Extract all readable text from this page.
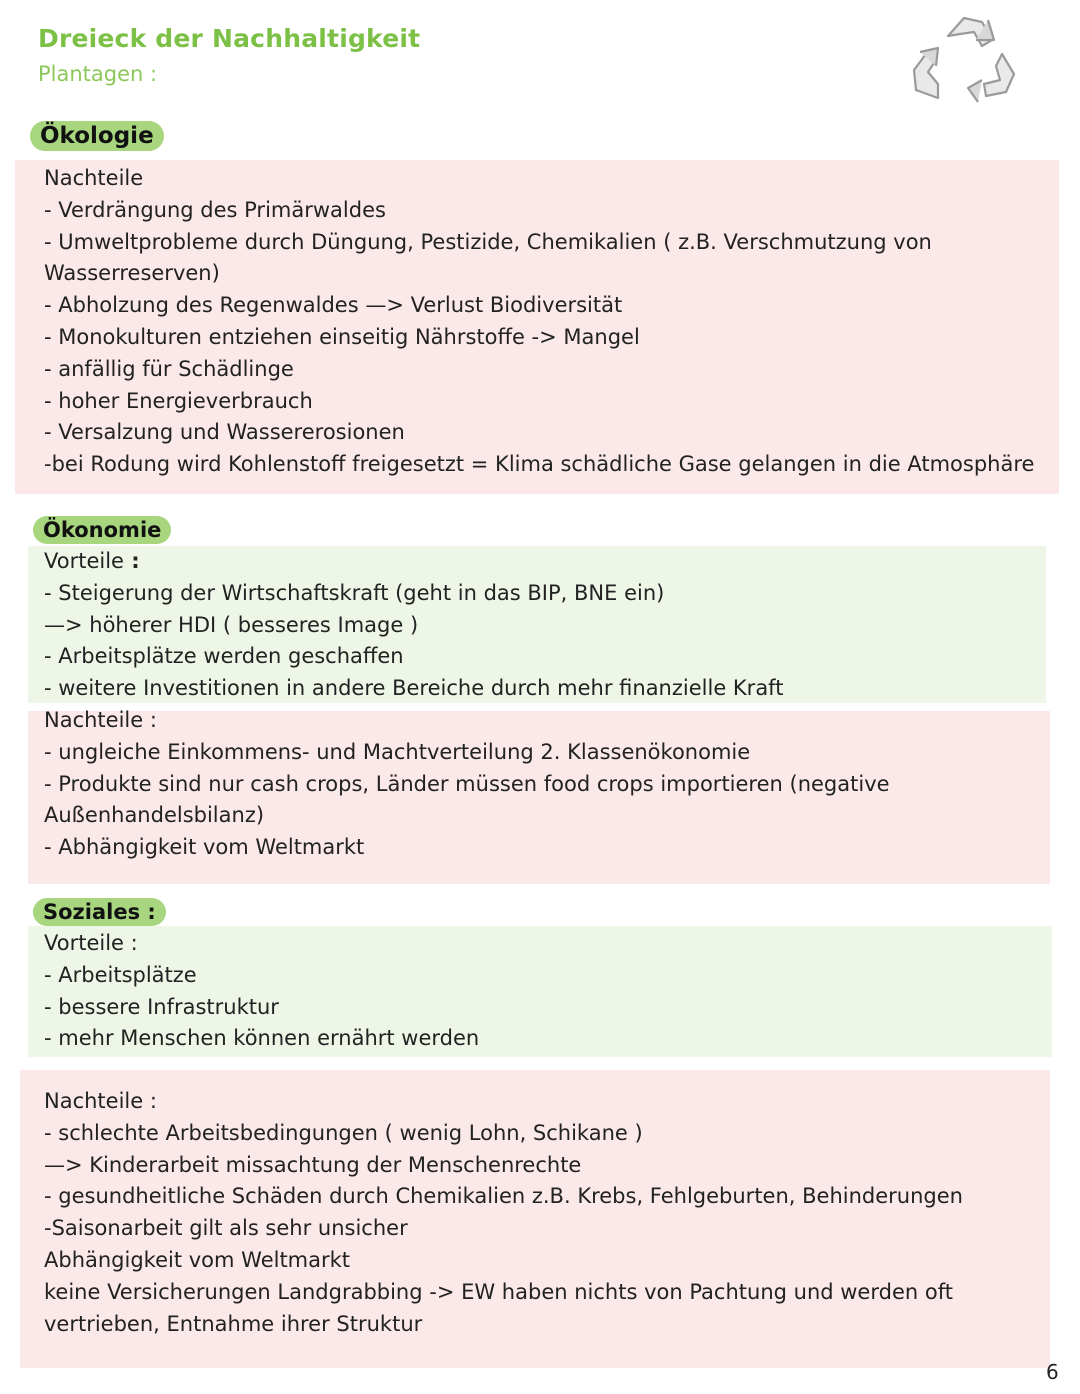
Dreieck der Nachhaltigkeit
Plantagen :
Ökologie
Nachteile
- Verdrängung des Primärwaldes
- Umweltprobleme durch Düngung, Pestizide, Chemikalien ( z.B. Verschmutzung von
Wasserreserven)
- Abholzung des Regenwaldes —> Verlust Biodiversität
- Monokulturen entziehen einseitig Nährstoffe -> Mangel
- anfällig für Schädlinge
- hoher Energieverbrauch
- Versalzung und Wassererosionen
-bei Rodung wird Kohlenstoff freigesetzt = Klima schädliche Gase gelangen in die Atmosphäre
Ökonomie
Vorteile :
- Steigerung der Wirtschaftskraft (geht in das BIP, BNE ein)
—> höherer HDI ( besseres Image )
- Arbeitsplätze werden geschaffen
- weitere Investitionen in andere Bereiche durch mehr finanzielle Kraft
Nachteile :
- ungleiche Einkommens- und Machtverteilung 2. Klassenökonomie
- Produkte sind nur cash crops, Länder müssen food crops importieren (negative
Außenhandelsbilanz)
- Abhängigkeit vom Weltmarkt
Soziales :
Vorteile :
- Arbeitsplätze
- bessere Infrastruktur
- mehr Menschen können ernährt werden
Nachteile :
- schlechte Arbeitsbedingungen ( wenig Lohn, Schikane )
—> Kinderarbeit missachtung der Menschenrechte
- gesundheitliche Schäden durch Chemikalien z.B. Krebs, Fehlgeburten, Behinderungen
-Saisonarbeit gilt als sehr unsicher
Abhängigkeit vom Weltmarkt
keine Versicherungen Landgrabbing -> EW haben nichts von Pachtung und werden oft
vertrieben, Entnahme ihrer Struktur
6
